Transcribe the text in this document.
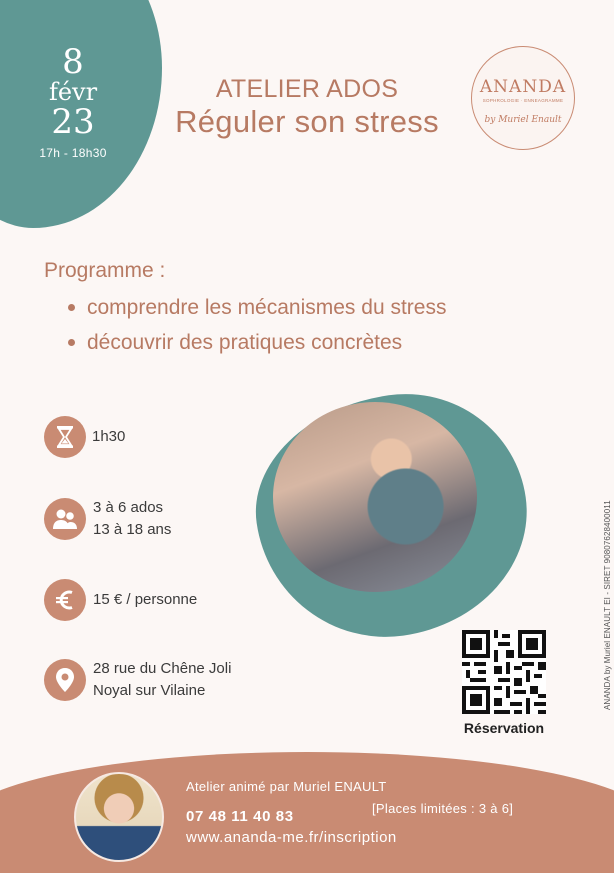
8
févr
23
17h - 18h30
ATELIER ADOS
Réguler son stress
ANANDA
SOPHROLOGIE · ENNEAGRAMME
by Muriel Enault
Programme :
comprendre les mécanismes du stress
découvrir des pratiques concrètes
1h30
3 à 6 ados
13 à 18 ans
15 € / personne
28 rue du Chêne Joli
Noyal sur Vilaine
Réservation
ANANDA by Muriel ENAULT EI - SIRET 90807628400011
Atelier animé par Muriel ENAULT
[Places limitées : 3 à 6]
07 48 11 40 83
www.ananda-me.fr/inscription
